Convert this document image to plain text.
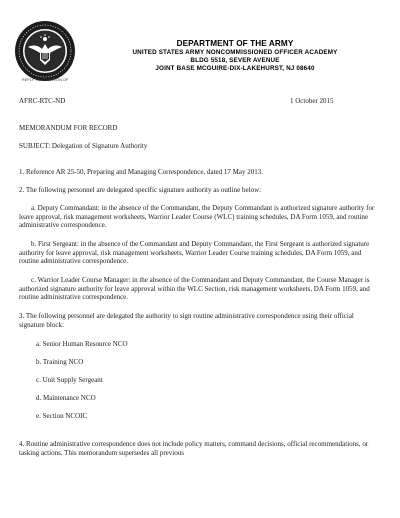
DEPARTMENT OF THE ARMY
UNITED STATES ARMY NONCOMMISSIONED OFFICER ACADEMY
BLDG 5518, SEVER AVENUE
JOINT BASE MCGUIRE-DIX-LAKEHURST, NJ 08640
REPLY TO ATTENTION OF
AFRC-RTC-ND	1 October 2015

MEMORANDUM FOR RECORD

SUBJECT: Delegation of Signature Authority

1. Reference AR 25-50, Preparing and Managing Correspondence, dated 17 May 2013.

2. The following personnel are delegated specific signature authority as outline below:

a. Deputy Commandant: in the absence of the Commandant, the Deputy Commandant is authorized signature authority for leave approval, risk management worksheets, Warrior Leader Course (WLC) training schedules, DA Form 1059, and routine administrative correspondence.

b. First Sergeant: in the absence of the Commandant and Deputy Commandant, the First Sergeant is authorized signature authority for leave approval, risk management worksheets, Warrior Leader Course training schedules, DA Form 1059, and routine administrative correspondence.

c. Warrior Leader Course Manager: in the absence of the Commandant and Deputy Commandant, the Course Manager is authorized signature authority for leave approval within the WLC Section, risk management worksheets, DA Form 1059, and routine administrative correspondence.

3. The following personnel are delegated the authority to sign routine administrative correspondence using their official signature block:

a. Senior Human Resource NCO

b. Training NCO

c. Unit Supply Sergeant

d. Maintenance NCO

e. Section NCOIC

4. Routine administrative correspondence does not include policy matters, command decisions, official recommendations, or tasking actions. This memorandum supersedes all previous
